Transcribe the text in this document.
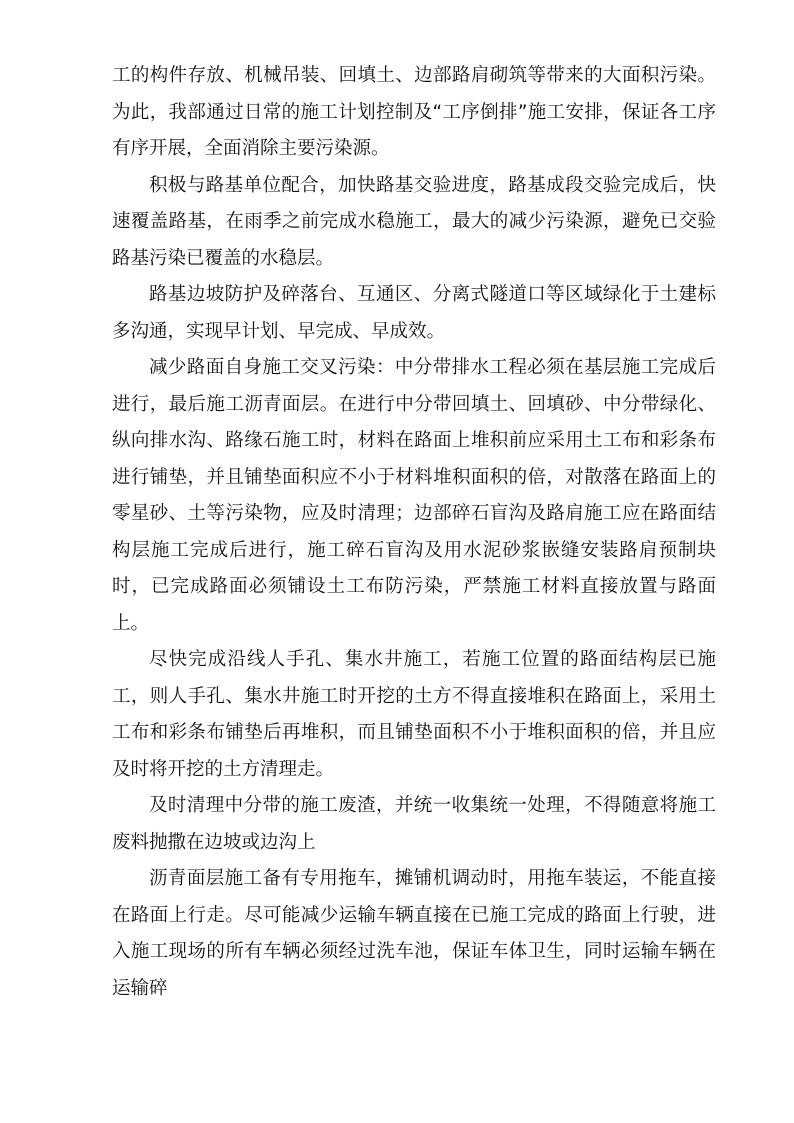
工的构件存放、机械吊装、回填土、边部路肩砌筑等带来的大面积污染。为此，我部通过日常的施工计划控制及“工序倒排”施工安排，保证各工序有序开展，全面消除主要污染源。

积极与路基单位配合，加快路基交验进度，路基成段交验完成后，快速覆盖路基，在雨季之前完成水稳施工，最大的减少污染源，避免已交验路基污染已覆盖的水稳层。

路基边坡防护及碎落台、互通区、分离式隧道口等区域绿化于土建标多沟通，实现早计划、早完成、早成效。

减少路面自身施工交叉污染：中分带排水工程必须在基层施工完成后进行，最后施工沥青面层。在进行中分带回填土、回填砂、中分带绿化、纵向排水沟、路缘石施工时，材料在路面上堆积前应采用土工布和彩条布进行铺垫，并且铺垫面积应不小于材料堆积面积的倍，对散落在路面上的零星砂、土等污染物，应及时清理；边部碎石盲沟及路肩施工应在路面结构层施工完成后进行，施工碎石盲沟及用水泥砂浆嵌缝安装路肩预制块时，已完成路面必须铺设土工布防污染，严禁施工材料直接放置与路面上。

尽快完成沿线人手孔、集水井施工，若施工位置的路面结构层已施工，则人手孔、集水井施工时开挖的土方不得直接堆积在路面上，采用土工布和彩条布铺垫后再堆积，而且铺垫面积不小于堆积面积的倍，并且应及时将开挖的土方清理走。

及时清理中分带的施工废渣，并统一收集统一处理，不得随意将施工废料抛撒在边坡或边沟上

沥青面层施工备有专用拖车，摊铺机调动时，用拖车装运，不能直接在路面上行走。尽可能减少运输车辆直接在已施工完成的路面上行驶，进入施工现场的所有车辆必须经过洗车池，保证车体卫生，同时运输车辆在运输碎
